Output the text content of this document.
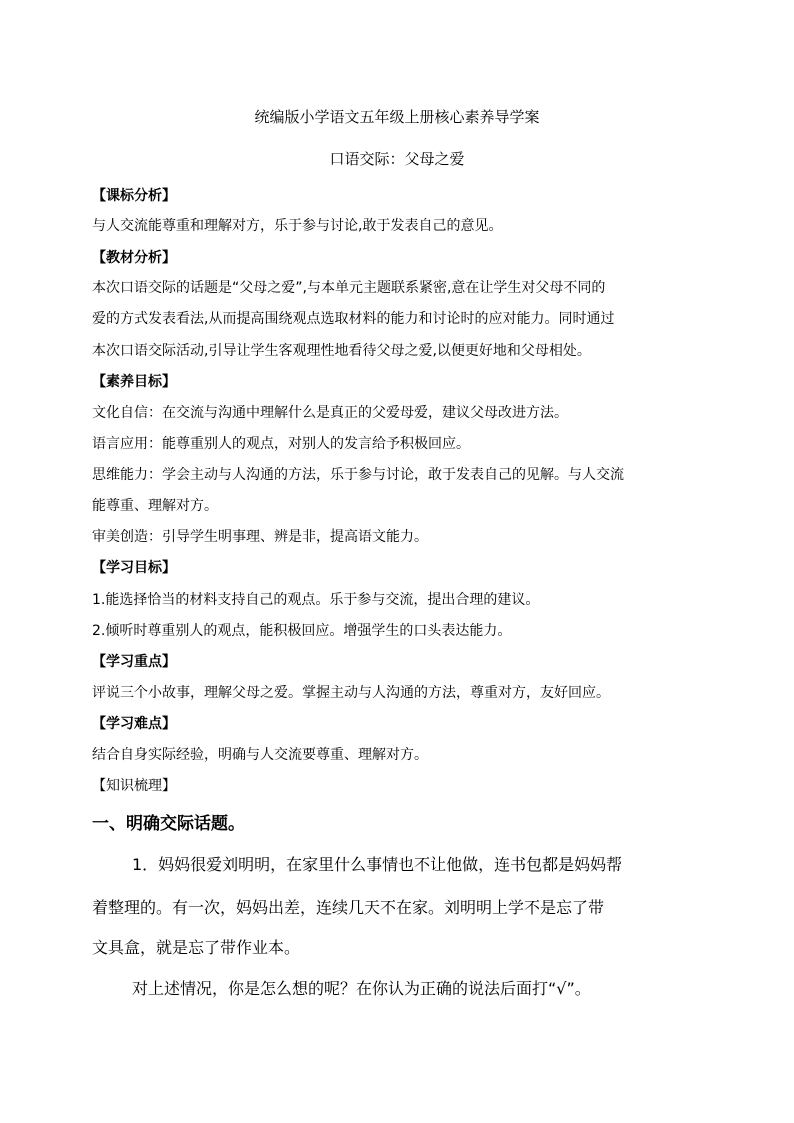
统编版小学语文五年级上册核心素养导学案
口语交际：父母之爱
【课标分析】
与人交流能尊重和理解对方，乐于参与讨论,敢于发表自己的意见。
【教材分析】
本次口语交际的话题是“父母之爱”,与本单元主题联系紧密,意在让学生对父母不同的
爱的方式发表看法,从而提高围绕观点选取材料的能力和讨论时的应对能力。同时通过
本次口语交际活动,引导让学生客观理性地看待父母之爱,以便更好地和父母相处。
【素养目标】
文化自信：在交流与沟通中理解什么是真正的父爱母爱，建议父母改进方法。
语言应用：能尊重别人的观点，对别人的发言给予积极回应。
思维能力：学会主动与人沟通的方法，乐于参与讨论，敢于发表自己的见解。与人交流
能尊重、理解对方。
审美创造：引导学生明事理、辨是非，提高语文能力。
【学习目标】
1.能选择恰当的材料支持自己的观点。乐于参与交流，提出合理的建议。
2.倾听时尊重别人的观点，能积极回应。增强学生的口头表达能力。
【学习重点】
评说三个小故事，理解父母之爱。掌握主动与人沟通的方法，尊重对方，友好回应。
【学习难点】
结合自身实际经验，明确与人交流要尊重、理解对方。
【知识梳理】
一、明确交际话题。
1．妈妈很爱刘明明，在家里什么事情也不让他做，连书包都是妈妈帮
着整理的。有一次，妈妈出差，连续几天不在家。刘明明上学不是忘了带
文具盒，就是忘了带作业本。
对上述情况，你是怎么想的呢？在你认为正确的说法后面打“√”。
